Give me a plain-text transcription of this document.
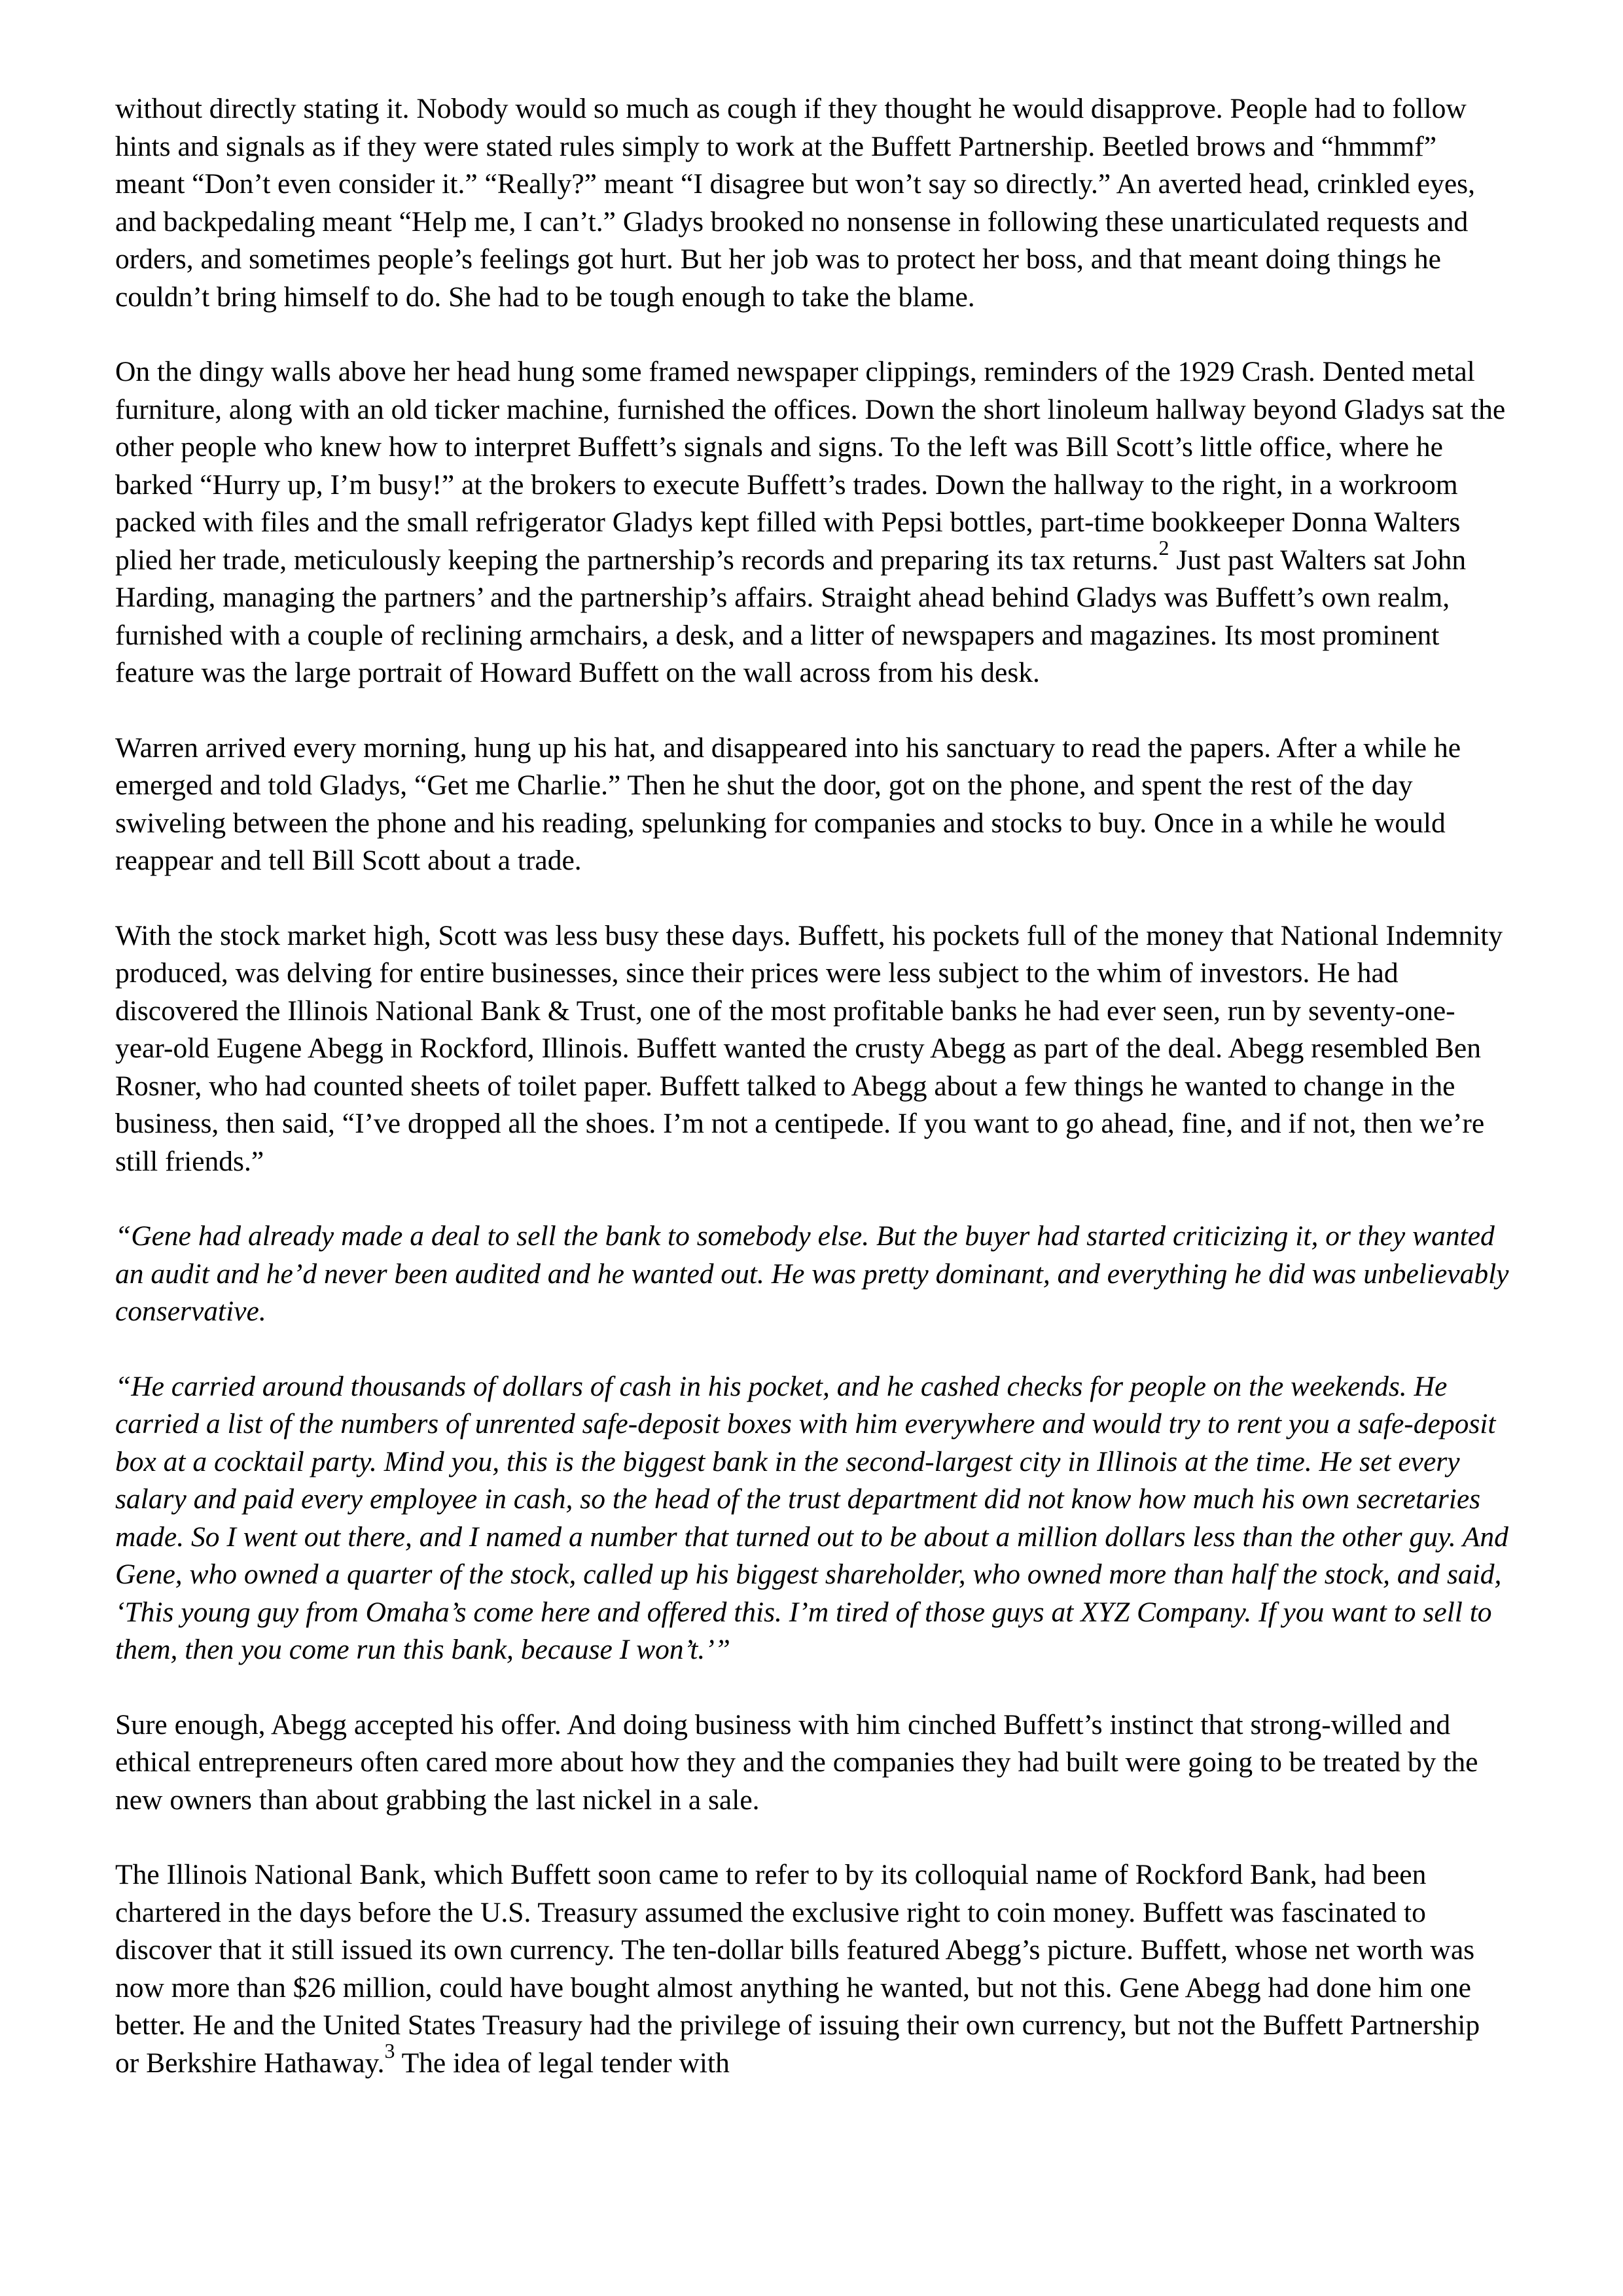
without directly stating it. Nobody would so much as cough if they thought he would disapprove. People had to follow hints and signals as if they were stated rules simply to work at the Buffett Partnership. Beetled brows and “hmmmf” meant “Don’t even consider it.” “Really?” meant “I disagree but won’t say so directly.” An averted head, crinkled eyes, and backpedaling meant “Help me, I can’t.” Gladys brooked no nonsense in following these unarticulated requests and orders, and sometimes people’s feelings got hurt. But her job was to protect her boss, and that meant doing things he couldn’t bring himself to do. She had to be tough enough to take the blame.

On the dingy walls above her head hung some framed newspaper clippings, reminders of the 1929 Crash. Dented metal furniture, along with an old ticker machine, furnished the offices. Down the short linoleum hallway beyond Gladys sat the other people who knew how to interpret Buffett’s signals and signs. To the left was Bill Scott’s little office, where he barked “Hurry up, I’m busy!” at the brokers to execute Buffett’s trades. Down the hallway to the right, in a workroom packed with files and the small refrigerator Gladys kept filled with Pepsi bottles, part-time bookkeeper Donna Walters plied her trade, meticulously keeping the partnership’s records and preparing its tax returns.$^2$ Just past Walters sat John Harding, managing the partners’ and the partnership’s affairs. Straight ahead behind Gladys was Buffett’s own realm, furnished with a couple of reclining armchairs, a desk, and a litter of newspapers and magazines. Its most prominent feature was the large portrait of Howard Buffett on the wall across from his desk.

Warren arrived every morning, hung up his hat, and disappeared into his sanctuary to read the papers. After a while he emerged and told Gladys, “Get me Charlie.” Then he shut the door, got on the phone, and spent the rest of the day swiveling between the phone and his reading, spelunking for companies and stocks to buy. Once in a while he would reappear and tell Bill Scott about a trade.

With the stock market high, Scott was less busy these days. Buffett, his pockets full of the money that National Indemnity produced, was delving for entire businesses, since their prices were less subject to the whim of investors. He had discovered the Illinois National Bank & Trust, one of the most profitable banks he had ever seen, run by seventy-one-year-old Eugene Abegg in Rockford, Illinois. Buffett wanted the crusty Abegg as part of the deal. Abegg resembled Ben Rosner, who had counted sheets of toilet paper. Buffett talked to Abegg about a few things he wanted to change in the business, then said, “I’ve dropped all the shoes. I’m not a centipede. If you want to go ahead, fine, and if not, then we’re still friends.”

“Gene had already made a deal to sell the bank to somebody else. But the buyer had started criticizing it, or they wanted an audit and he’d never been audited and he wanted out. He was pretty dominant, and everything he did was unbelievably conservative.

“He carried around thousands of dollars of cash in his pocket, and he cashed checks for people on the weekends. He carried a list of the numbers of unrented safe-deposit boxes with him everywhere and would try to rent you a safe-deposit box at a cocktail party. Mind you, this is the biggest bank in the second-largest city in Illinois at the time. He set every salary and paid every employee in cash, so the head of the trust department did not know how much his own secretaries made. So I went out there, and I named a number that turned out to be about a million dollars less than the other guy. And Gene, who owned a quarter of the stock, called up his biggest shareholder, who owned more than half the stock, and said, ‘This young guy from Omaha’s come here and offered this. I’m tired of those guys at XYZ Company. If you want to sell to them, then you come run this bank, because I won’t.’”

Sure enough, Abegg accepted his offer. And doing business with him cinched Buffett’s instinct that strong-willed and ethical entrepreneurs often cared more about how they and the companies they had built were going to be treated by the new owners than about grabbing the last nickel in a sale.

The Illinois National Bank, which Buffett soon came to refer to by its colloquial name of Rockford Bank, had been chartered in the days before the U.S. Treasury assumed the exclusive right to coin money. Buffett was fascinated to discover that it still issued its own currency. The ten-dollar bills featured Abegg’s picture. Buffett, whose net worth was now more than $26 million, could have bought almost anything he wanted, but not this. Gene Abegg had done him one better. He and the United States Treasury had the privilege of issuing their own currency, but not the Buffett Partnership or Berkshire Hathaway.$^3$ The idea of legal tender with
